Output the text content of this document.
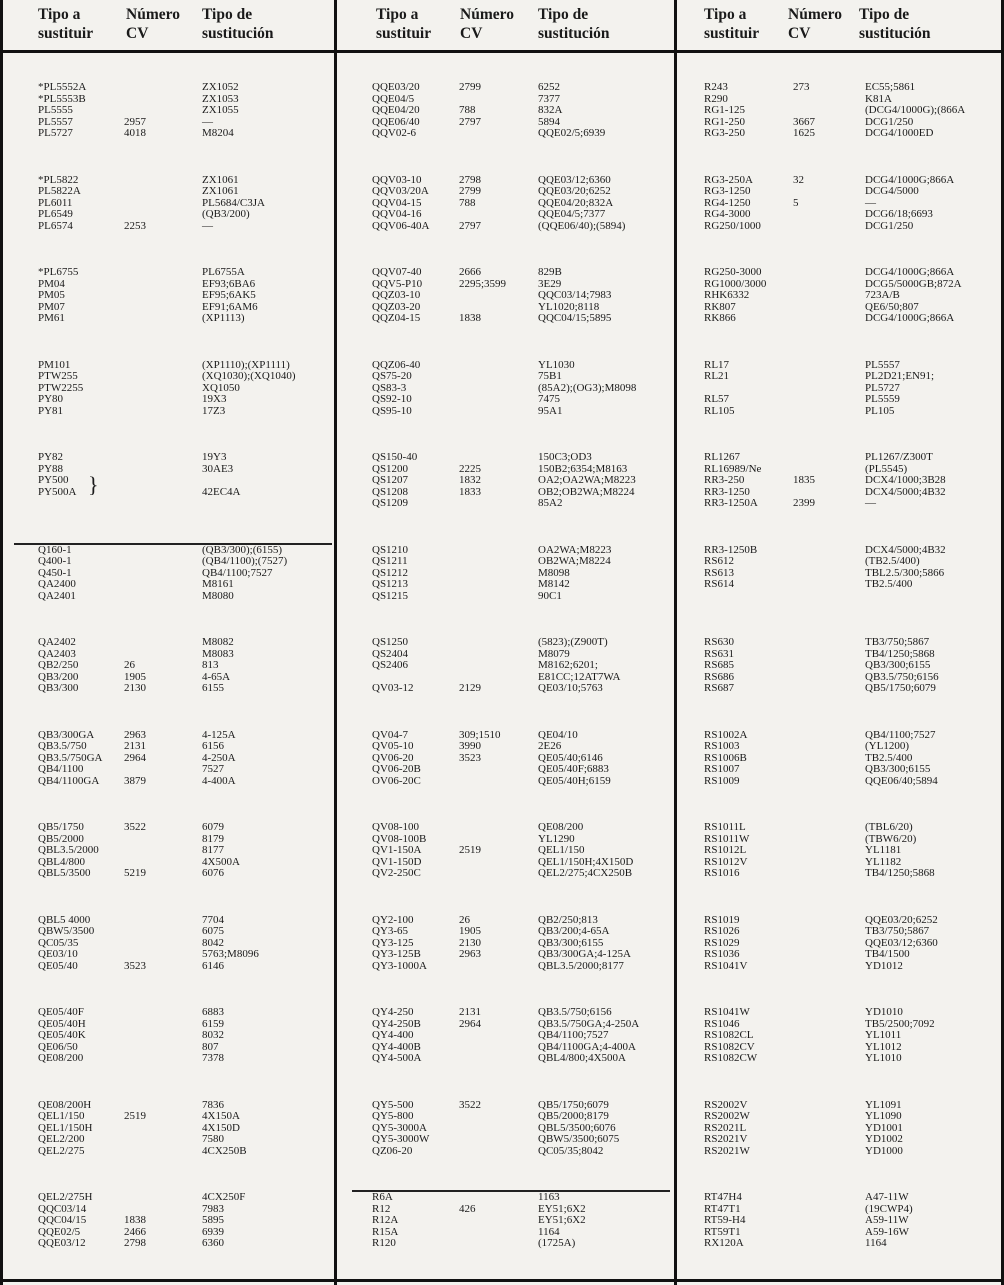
Tipo a
sustituir
Número
CV
Tipo de
sustitución
*PL5552A	ZX1052
*PL5553B	ZX1053
PL5555	ZX1055
PL5557	2957	—
PL5727	4018	M8204
*PL5822	ZX1061
PL5822A	ZX1061
PL6011	PL5684/C3JA
PL6549	(QB3/200)
PL6574	2253	—
*PL6755	PL6755A
PM04	EF93;6BA6
PM05	EF95;6AK5
PM07	EF91;6AM6
PM61	(XP1113)
PM101	(XP1110);(XP1111)
PTW255	(XQ1030);(XQ1040)
PTW2255	XQ1050
PY80	19X3
PY81	17Z3
PY82	19Y3
PY88	30AE3
PY500
PY500A	42EC4A
}
Q160-1	(QB3/300);(6155)
Q400-1	(QB4/1100);(7527)
Q450-1	QB4/1100;7527
QA2400	M8161
QA2401	M8080
QA2402	M8082
QA2403	M8083
QB2/250	26	813
QB3/200	1905	4-65A
QB3/300	2130	6155
QB3/300GA	2963	4-125A
QB3.5/750	2131	6156
QB3.5/750GA 2964	4-250A
QB4/1100	7527
QB4/1100GA 3879	4-400A
QB5/1750	3522	6079
QB5/2000	8179
QBL3.5/2000	8177
QBL4/800	4X500A
QBL5/3500	5219	6076
QBL5 4000	7704
QBW5/3500	6075
QC05/35	8042
QE03/10	5763;M8096
QE05/40	3523	6146
QE05/40F	6883
QE05/40H	6159
QE05/40K	8032
QE06/50	807
QE08/200	7378
QE08/200H	7836
QEL1/150	2519	4X150A
QEL1/150H	4X150D
QEL2/200	7580
QEL2/275	4CX250B
QEL2/275H	4CX250F
QQC03/14	7983
QQC04/15	1838	5895
QQE02/5	2466	6939
QQE03/12	2798	6360
Tipo a
sustituir
Número
CV
Tipo de
sustitución
QQE03/20	2799	6252
QQE04/5	7377
QQE04/20	788	832A
QQE06/40	2797	5894
QQV02-6	QQE02/5;6939
QQV03-10	2798	QQE03/12;6360
QQV03/20A	2799	QQE03/20;6252
QQV04-15	788	QQE04/20;832A
QQV04-16	QQE04/5;7377
QQV06-40A	2797	(QQE06/40);(5894)
QQV07-40	2666	829B
QQV5-P10	2295;3599	3E29
QQZ03-10	QQC03/14;7983
QQZ03-20	YL1020;8118
QQZ04-15	1838	QQC04/15;5895
QQZ06-40	YL1030
QS75-20	75B1
QS83-3	(85A2);(OG3);M8098
QS92-10	7475
QS95-10	95A1
QS150-40	150C3;OD3
QS1200	2225	150B2;6354;M8163
QS1207	1832	OA2;OA2WA;M8223
QS1208	1833	OB2;OB2WA;M8224
QS1209	85A2
QS1210	OA2WA;M8223
QS1211	OB2WA;M8224
QS1212	M8098
QS1213	M8142
QS1215	90C1
QS1250	(5823);(Z900T)
QS2404	M8079
QS2406	M8162;6201;
E81CC;12AT7WA
QV03-12	2129	QE03/10;5763
QV04-7	309;1510	QE04/10
QV05-10	3990	2E26
QV06-20	3523	QE05/40;6146
QV06-20B	QE05/40F;6883
OV06-20C	QE05/40H;6159
QV08-100	QE08/200
QV08-100B	YL1290
QV1-150A	2519	QEL1/150
QV1-150D	QEL1/150H;4X150D
QV2-250C	QEL2/275;4CX250B
QY2-100	26	QB2/250;813
QY3-65	1905	QB3/200;4-65A
QY3-125	2130	QB3/300;6155
QY3-125B	2963	QB3/300GA;4-125A
QY3-1000A	QBL3.5/2000;8177
QY4-250	2131	QB3.5/750;6156
QY4-250B	2964	QB3.5/750GA;4-250A
QY4-400	QB4/1100;7527
QY4-400B	QB4/1100GA;4-400A
QY4-500A	QBL4/800;4X500A
QY5-500	3522	QB5/1750;6079
QY5-800	QB5/2000;8179
QY5-3000A	QBL5/3500;6076
QY5-3000W	QBW5/3500;6075
QZ06-20	QC05/35;8042
R6A	1163
R12	426	EY51;6X2
R12A	EY51;6X2
R15A	1164
R120	(1725A)
Tipo a
sustituir
Número
CV
Tipo de
sustitución
R243	273	EC55;5861
R290	K81A
RG1-125	(DCG4/1000G);(866A
RG1-250	3667	DCG1/250
RG3-250	1625	DCG4/1000ED
RG3-250A	32	DCG4/1000G;866A
RG3-1250	DCG4/5000
RG4-1250	5	—
RG4-3000	DCG6/18;6693
RG250/1000	DCG1/250
RG250-3000	DCG4/1000G;866A
RG1000/3000	DCG5/5000GB;872A
RHK6332	723A/B
RK807	QE6/50;807
RK866	DCG4/1000G;866A
RL17	PL5557
RL21	PL2D21;EN91;
PL5727
RL57	PL5559
RL105	PL105
RL1267	PL1267/Z300T
RL16989/Ne	(PL5545)
RR3-250	1835	DCX4/1000;3B28
RR3-1250	DCX4/5000;4B32
RR3-1250A	2399	—
RR3-1250B	DCX4/5000;4B32
RS612	(TB2.5/400)
RS613	TBL2.5/300;5866
RS614	TB2.5/400
RS630	TB3/750;5867
RS631	TB4/1250;5868
RS685	QB3/300;6155
RS686	QB3.5/750;6156
RS687	QB5/1750;6079
RS1002A	QB4/1100;7527
RS1003	(YL1200)
RS1006B	TB2.5/400
RS1007	QB3/300;6155
RS1009	QQE06/40;5894
RS1011L	(TBL6/20)
RS1011W	(TBW6/20)
RS1012L	YL1181
RS1012V	YL1182
RS1016	TB4/1250;5868
RS1019	QQE03/20;6252
RS1026	TB3/750;5867
RS1029	QQE03/12;6360
RS1036	TB4/1500
RS1041V	YD1012
RS1041W	YD1010
RS1046	TB5/2500;7092
RS1082CL	YL1011
RS1082CV	YL1012
RS1082CW	YL1010
RS2002V	YL1091
RS2002W	YL1090
RS2021L	YD1001
RS2021V	YD1002
RS2021W	YD1000
RT47H4	A47-11W
RT47T1	(19CWP4)
RT59-H4	A59-11W
RT59T1	A59-16W
RX120A	1164
